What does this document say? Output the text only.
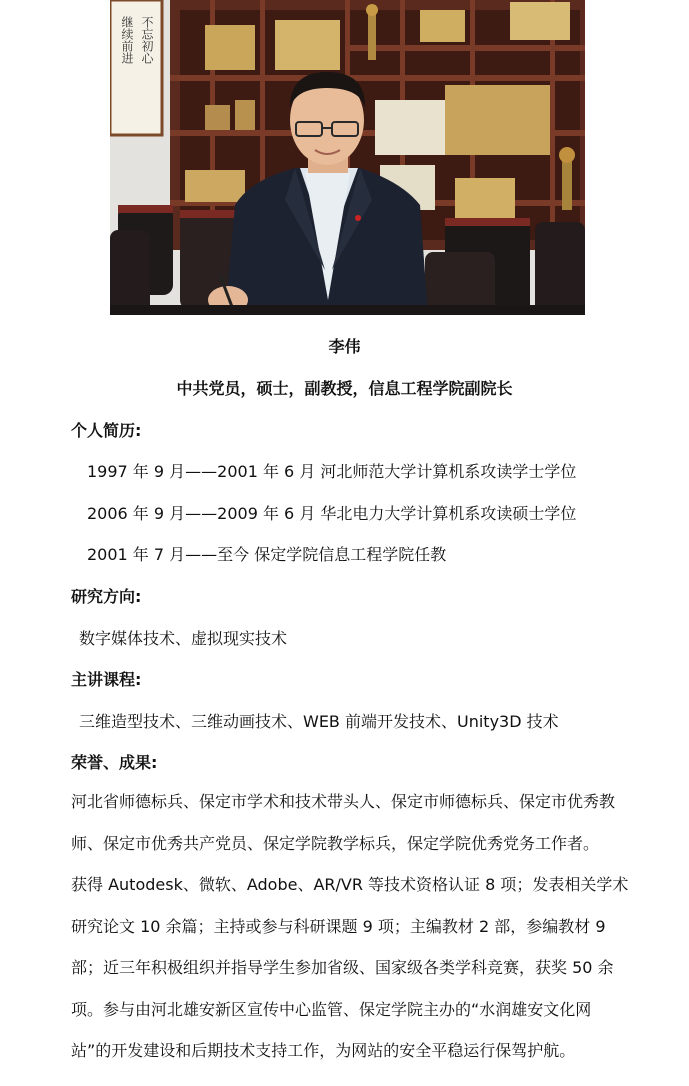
不忘初心
继续前进
李伟
中共党员，硕士，副教授，信息工程学院副院长
个人简历:
1997 年 9 月——2001 年 6 月 河北师范大学计算机系攻读学士学位
2006 年 9 月——2009 年 6 月 华北电力大学计算机系攻读硕士学位
2001 年 7 月——至今 保定学院信息工程学院任教
研究方向:
数字媒体技术、虚拟现实技术
主讲课程:
三维造型技术、三维动画技术、WEB 前端开发技术、Unity3D 技术
荣誉、成果:

河北省师德标兵、保定市学术和技术带头人、保定市师德标兵、保定市优秀教师、保定市优秀共产党员、保定学院教学标兵，保定学院优秀党务工作者。

获得 Autodesk、微软、Adobe、AR/VR 等技术资格认证 8 项；发表相关学术研究论文 10 余篇；主持或参与科研课题 9 项；主编教材 2 部，参编教材 9 部；近三年积极组织并指导学生参加省级、国家级各类学科竞赛，获奖 50 余项。参与由河北雄安新区宣传中心监管、保定学院主办的“水润雄安文化网站”的开发建设和后期技术支持工作，为网站的安全平稳运行保驾护航。
